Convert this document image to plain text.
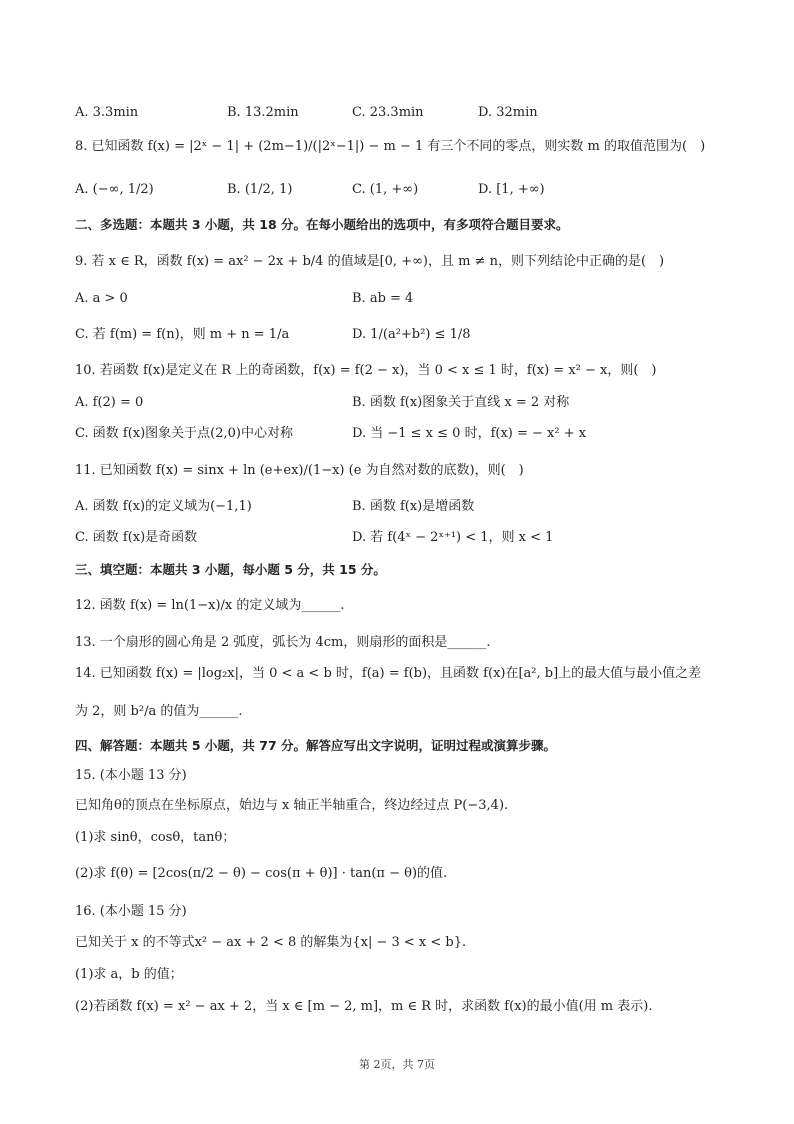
A. 3.3min	B. 13.2min	C. 23.3min	D. 32min
8. 已知函数 f(x) = |2ˣ − 1| + (2m−1)/(|2ˣ−1|) − m − 1 有三个不同的零点，则实数 m 的取值范围为(　)
A. (−∞, 1/2)	B. (1/2, 1)	C. (1, +∞)	D. [1, +∞)
二、多选题：本题共 3 小题，共 18 分。在每小题给出的选项中，有多项符合题目要求。
9. 若 x ∈ R，函数 f(x) = ax² − 2x + b/4 的值域是[0, +∞)，且 m ≠ n，则下列结论中正确的是(　)
A. a > 0	B. ab = 4
C. 若 f(m) = f(n)，则 m + n = 1/a	D. 1/(a²+b²) ≤ 1/8
10. 若函数 f(x)是定义在 R 上的奇函数，f(x) = f(2 − x)，当 0 < x ≤ 1 时，f(x) = x² − x，则(　)
A. f(2) = 0	B. 函数 f(x)图象关于直线 x = 2 对称
C. 函数 f(x)图象关于点(2,0)中心对称	D. 当 −1 ≤ x ≤ 0 时，f(x) = − x² + x
11. 已知函数 f(x) = sinx + ln (e+ex)/(1−x) (e 为自然对数的底数)，则(　)
A. 函数 f(x)的定义域为(−1,1)	B. 函数 f(x)是增函数
C. 函数 f(x)是奇函数	D. 若 f(4ˣ − 2ˣ⁺¹) < 1，则 x < 1
三、填空题：本题共 3 小题，每小题 5 分，共 15 分。
12. 函数 f(x) = ln(1−x)/x 的定义域为______.
13. 一个扇形的圆心角是 2 弧度，弧长为 4cm，则扇形的面积是______.
14. 已知函数 f(x) = |log₂x|，当 0 < a < b 时，f(a) = f(b)，且函数 f(x)在[a², b]上的最大值与最小值之差
为 2，则 b²/a 的值为______.
四、解答题：本题共 5 小题，共 77 分。解答应写出文字说明，证明过程或演算步骤。
15. (本小题 13 分)
已知角θ的顶点在坐标原点，始边与 x 轴正半轴重合，终边经过点 P(−3,4).
(1)求 sinθ，cosθ，tanθ；
(2)求 f(θ) = [2cos(π/2 − θ) − cos(π + θ)] · tan(π − θ)的值.
16. (本小题 15 分)
已知关于 x 的不等式x² − ax + 2 < 8 的解集为{x| − 3 < x < b}.
(1)求 a，b 的值；
(2)若函数 f(x) = x² − ax + 2，当 x ∈ [m − 2, m]，m ∈ R 时，求函数 f(x)的最小值(用 m 表示).
第 2页，共 7页
